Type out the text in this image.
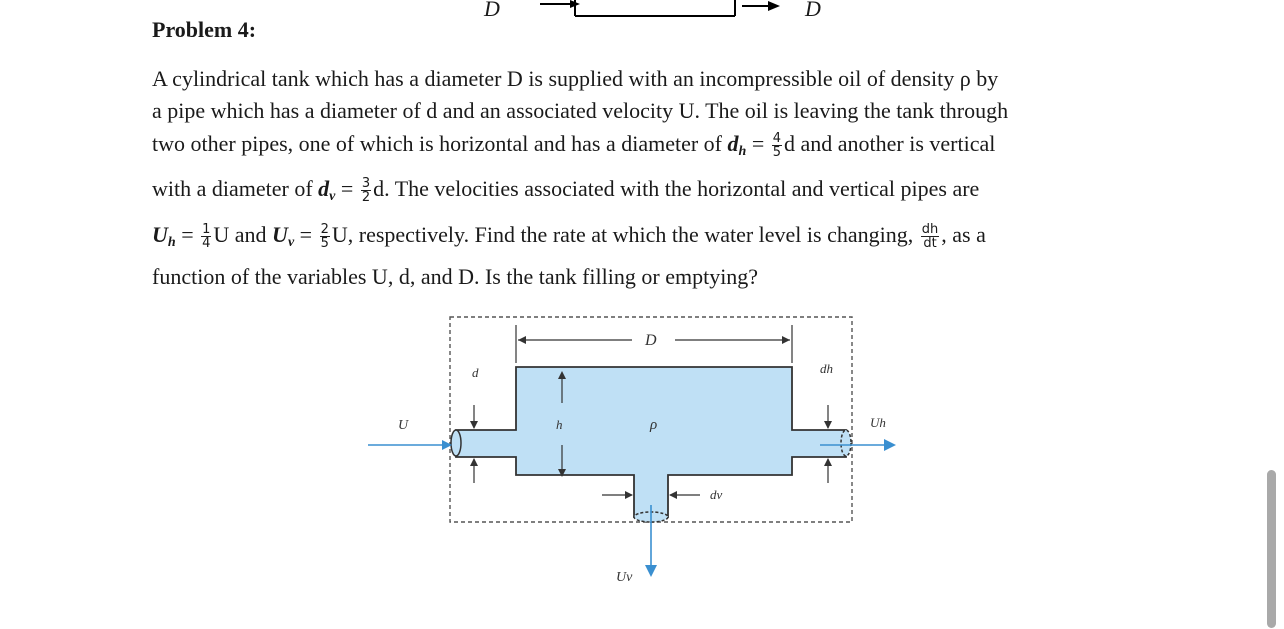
D	D
Problem 4:
A cylindrical tank which has a diameter D is supplied with an incompressible oil of density ρ by
a pipe which has a diameter of d and an associated velocity U. The oil is leaving the tank through
two other pipes, one of which is horizontal and has a diameter of $d_h = \frac{4}{5}$ d and another is vertical
with a diameter of $d_v = \frac{3}{2} d$. The velocities associated with the horizontal and vertical pipes are
$U_h = \frac{1}{4}$ U and $U_v = \frac{2}{5} U$, respectively. Find the rate at which the water level is changing, $\frac{dh}{dt}$ , as a
function of the variables U, d, and D. Is the tank filling or emptying?
D
d	dh
h	ρ
dv
U	Uh
Uv
